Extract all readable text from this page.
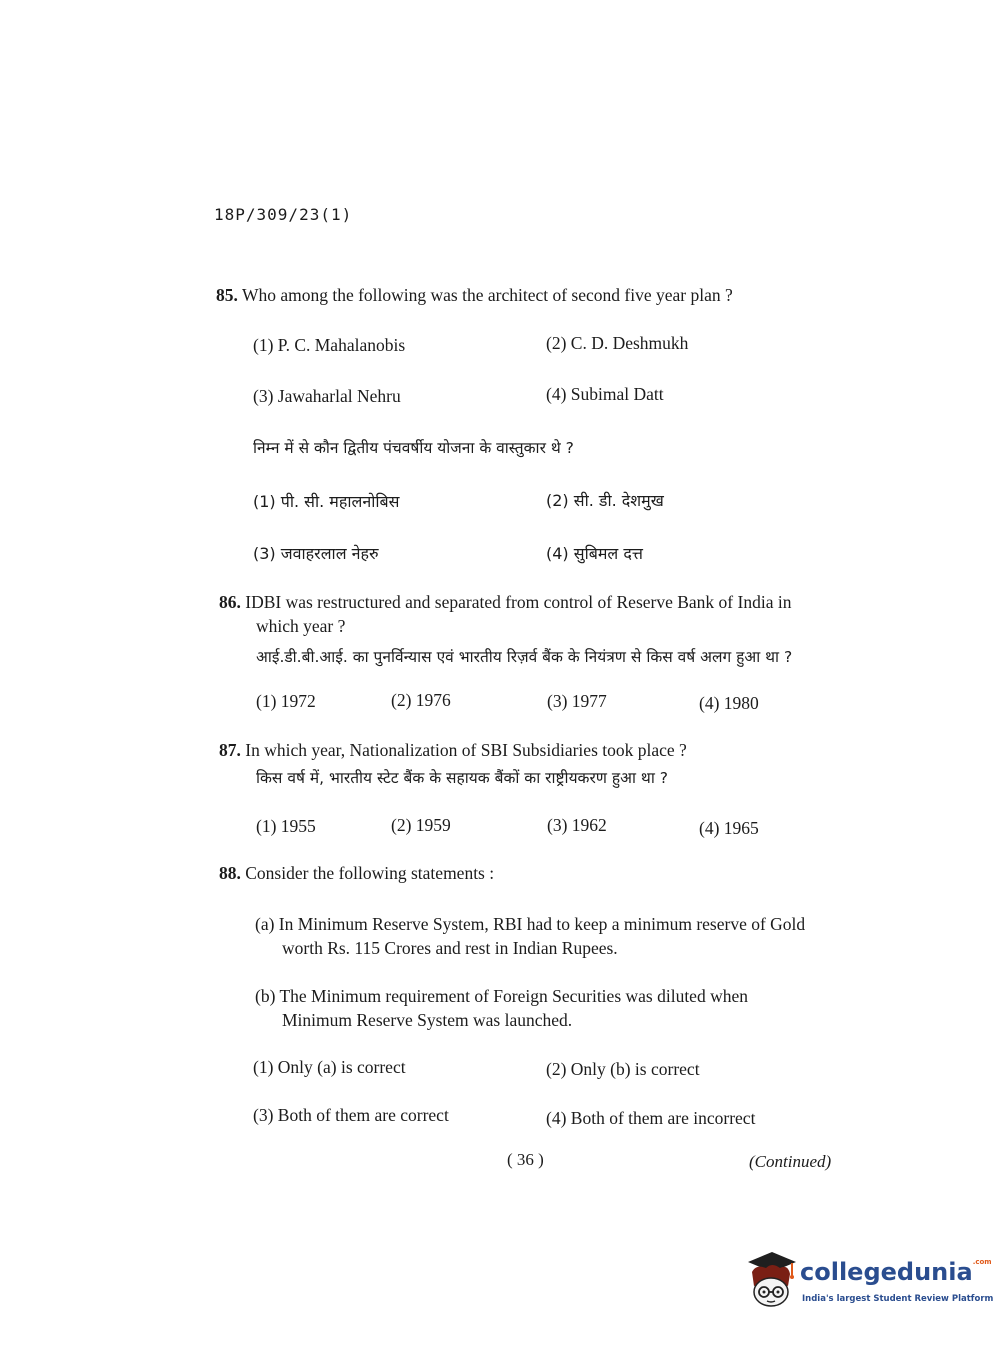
18P/309/23(1)
85. Who among the following was the architect of second five year plan ?
(1) P. C. Mahalanobis	(2) C. D. Deshmukh
(3) Jawaharlal Nehru	(4) Subimal Datt
निम्न में से कौन द्वितीय पंचवर्षीय योजना के वास्तुकार थे ?
(1) पी. सी. महालनोबिस	(2) सी. डी. देशमुख
(3) जवाहरलाल नेहरु	(4) सुबिमल दत्त
86. IDBI was restructured and separated from control of Reserve Bank of India in
which year ?
आई.डी.बी.आई. का पुनर्विन्यास एवं भारतीय रिज़र्व बैंक के नियंत्रण से किस वर्ष अलग हुआ था ?
(1) 1972	(2) 1976	(3) 1977	(4) 1980
87. In which year, Nationalization of SBI Subsidiaries took place ?
किस वर्ष में, भारतीय स्टेट बैंक के सहायक बैंकों का राष्ट्रीयकरण हुआ था ?
(1) 1955	(2) 1959	(3) 1962	(4) 1965
88. Consider the following statements :
(a) In Minimum Reserve System, RBI had to keep a minimum reserve of Gold
worth Rs. 115 Crores and rest in Indian Rupees.
(b) The Minimum requirement of Foreign Securities was diluted when
Minimum Reserve System was launched.
(1) Only (a) is correct	(2) Only (b) is correct
(3) Both of them are correct	(4) Both of them are incorrect
( 36 )	(Continued)
collegedunia$^{.com}$
India's largest Student Review Platform
